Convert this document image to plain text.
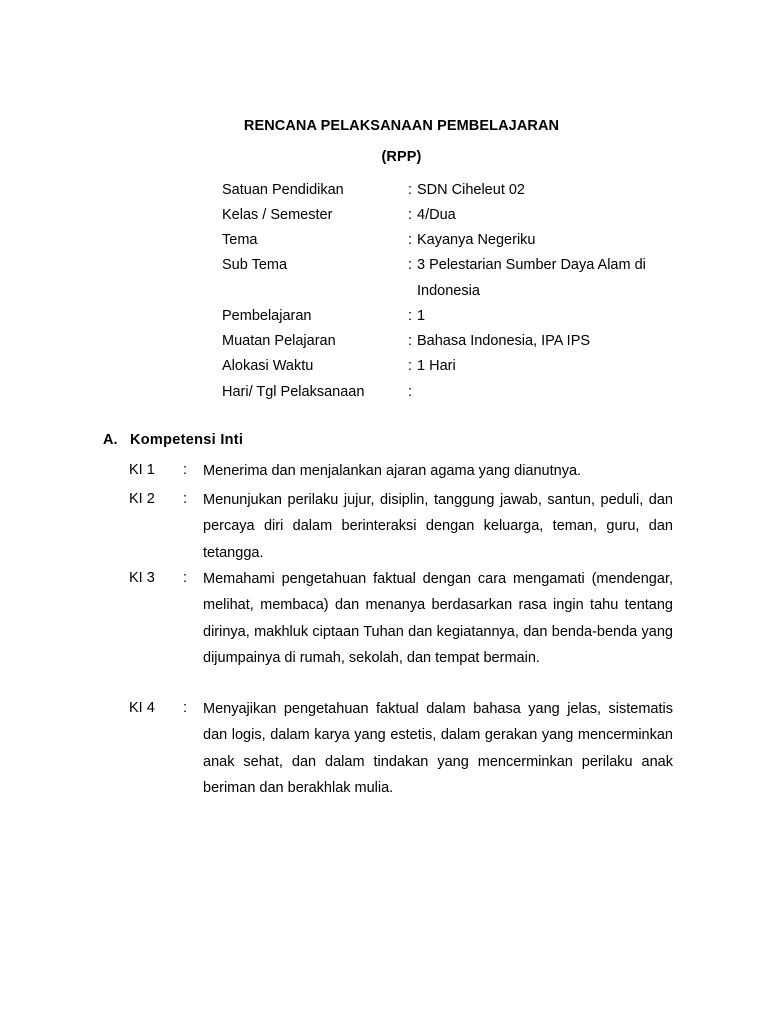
RENCANA PELAKSANAAN PEMBELAJARAN
(RPP)
Satuan Pendidikan	: SDN Ciheleut 02
Kelas / Semester	: 4/Dua
Tema	: Kayanya Negeriku
Sub Tema	: 3 Pelestarian Sumber Daya Alam di
Indonesia
Pembelajaran	: 1
Muatan Pelajaran	: Bahasa Indonesia, IPA IPS
Alokasi Waktu	: 1 Hari
Hari/ Tgl Pelaksanaan	:
A. Kompetensi Inti
KI 1 : Menerima dan menjalankan ajaran agama yang dianutnya.
KI 2 : Menunjukan perilaku jujur, disiplin, tanggung jawab, santun, peduli, dan percaya diri dalam berinteraksi dengan keluarga, teman, guru, dan tetangga.
KI 3 : Memahami pengetahuan faktual dengan cara mengamati (mendengar, melihat, membaca) dan menanya berdasarkan rasa ingin tahu tentang dirinya, makhluk ciptaan Tuhan dan kegiatannya, dan benda-benda yang dijumpainya di rumah, sekolah, dan tempat bermain.
KI 4 : Menyajikan pengetahuan faktual dalam bahasa yang jelas, sistematis dan logis, dalam karya yang estetis, dalam gerakan yang mencerminkan anak sehat, dan dalam tindakan yang mencerminkan perilaku anak beriman dan berakhlak mulia.
